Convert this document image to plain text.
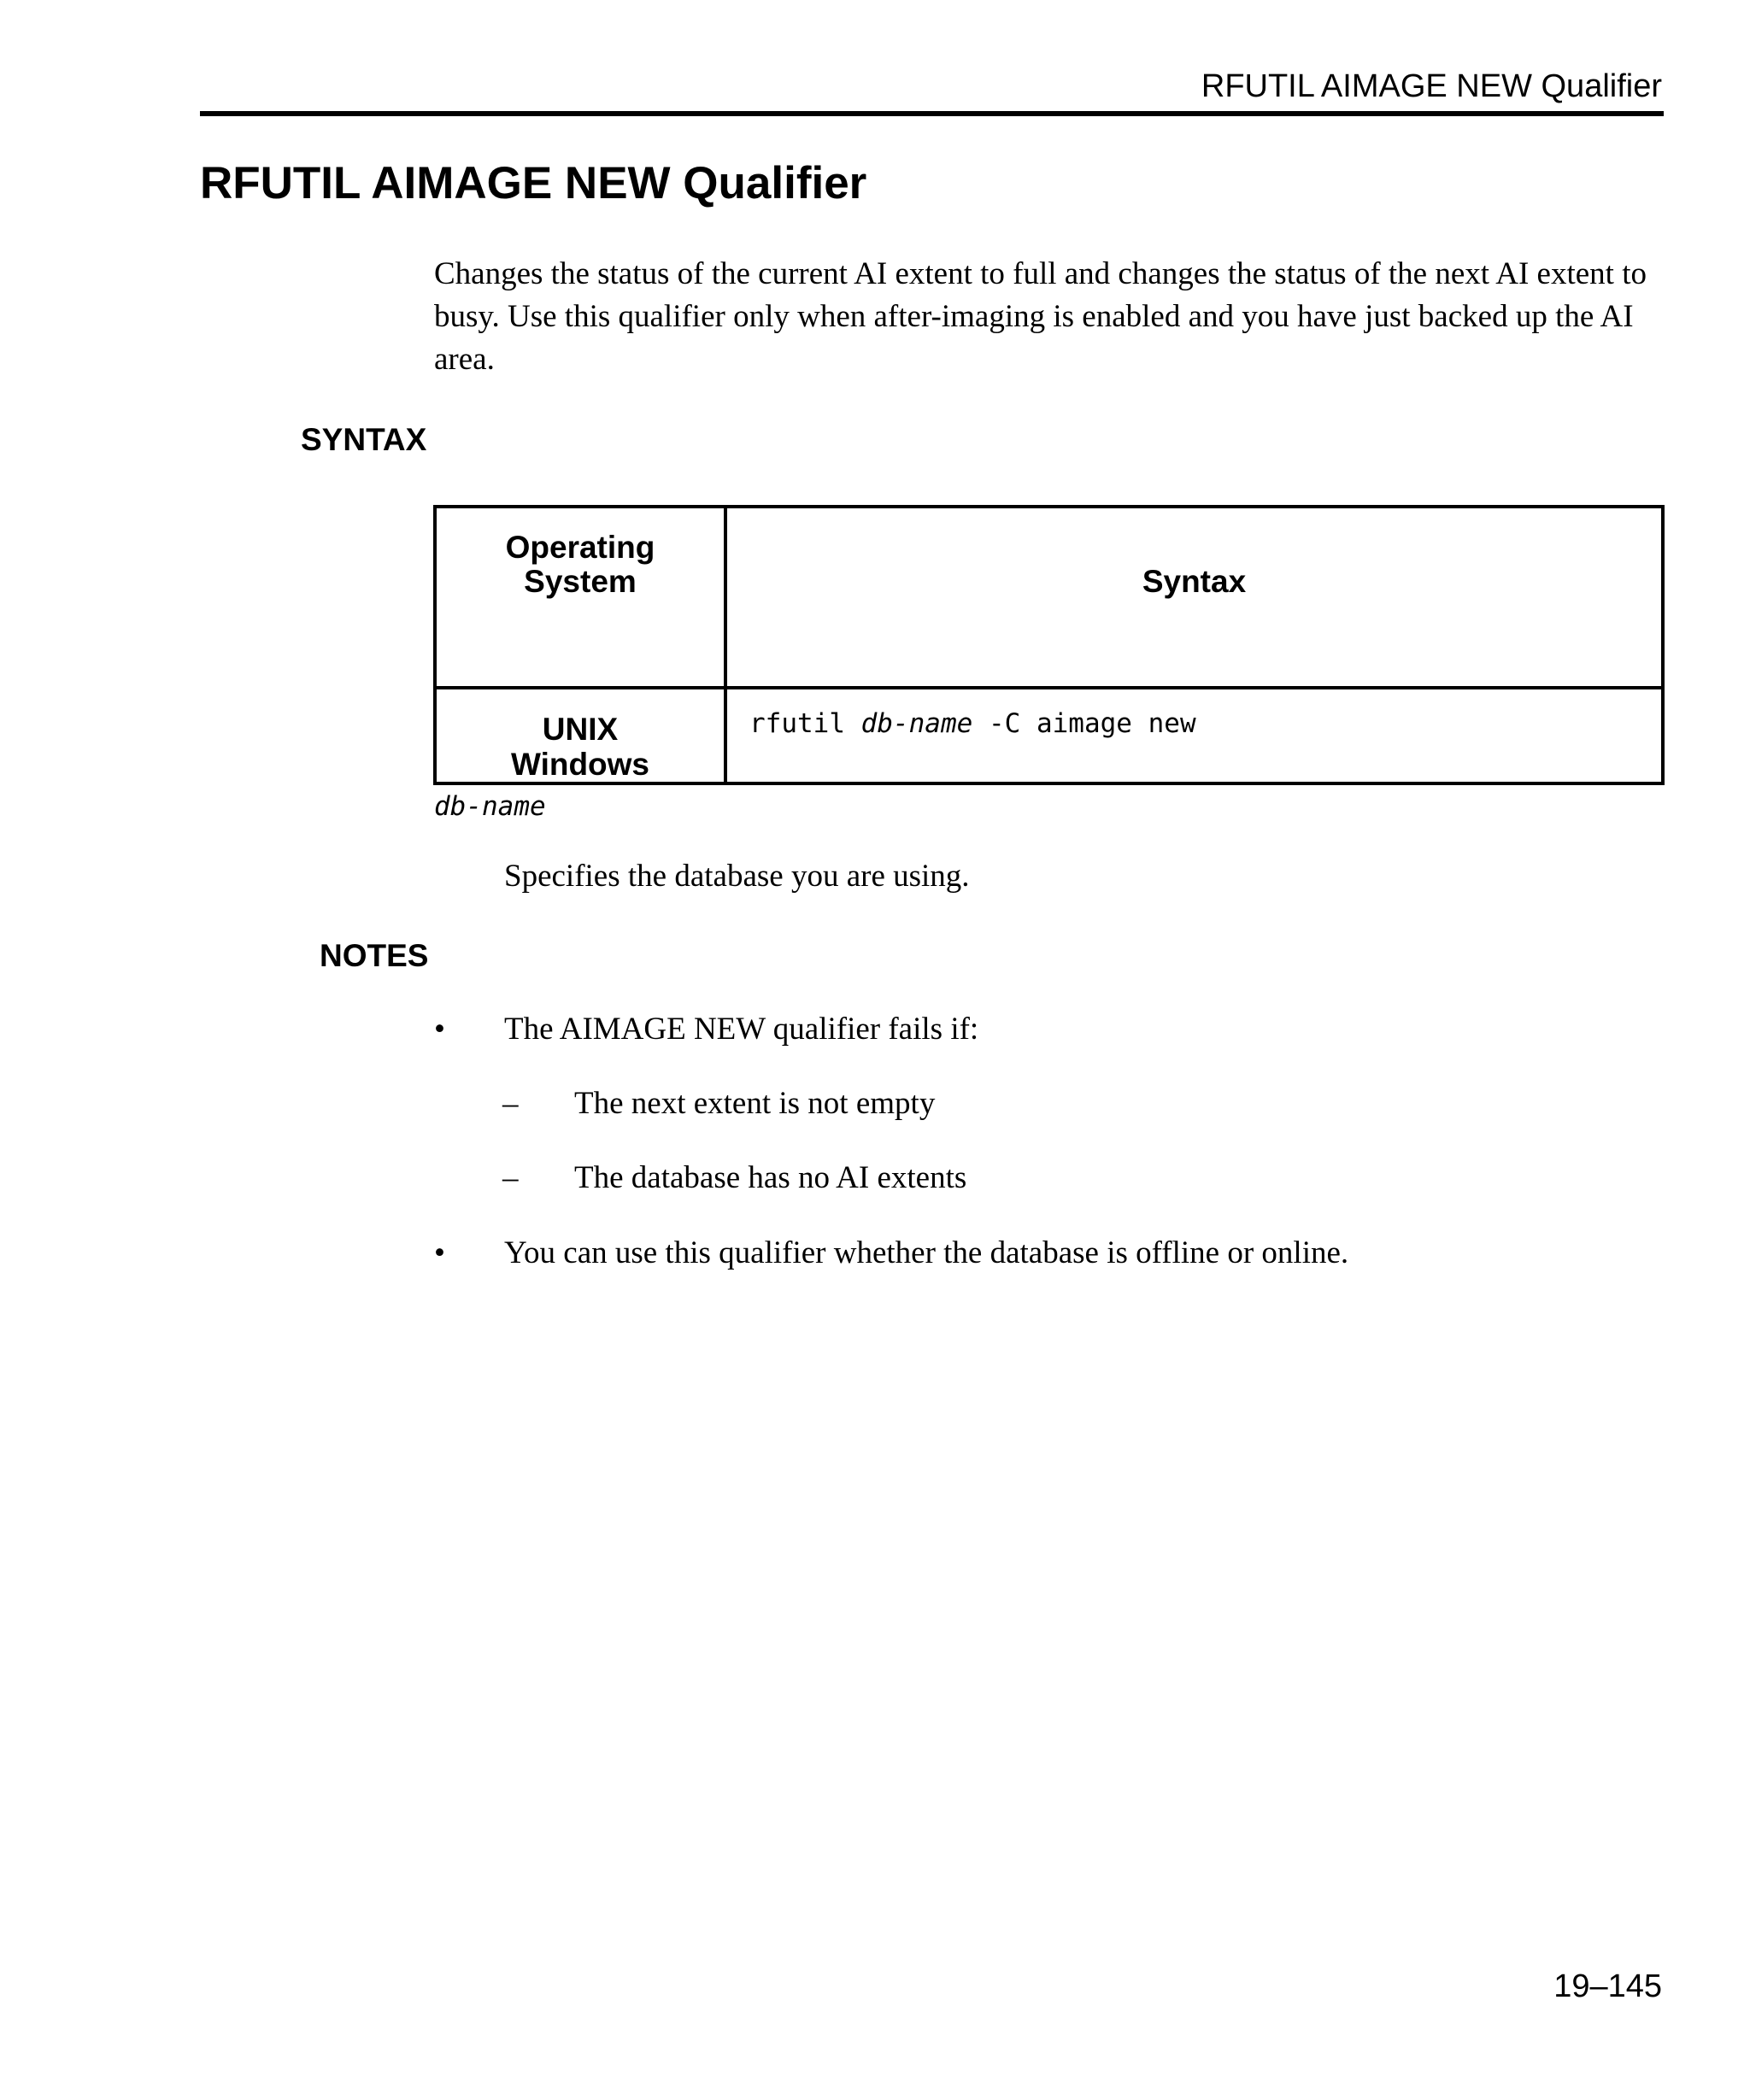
RFUTIL AIMAGE NEW Qualifier
RFUTIL AIMAGE NEW Qualifier

Changes the status of the current AI extent to full and changes the status of the next AI extent to busy. Use this qualifier only when after-imaging is enabled and you have just backed up the AI area.

SYNTAX
Operating
System	Syntax

UNIX
Windows	rfutil db-name -C aimage new
db-name

Specifies the database you are using.

NOTES
• The AIMAGE NEW qualifier fails if:
– The next extent is not empty
– The database has no AI extents
• You can use this qualifier whether the database is offline or online.
19–145
